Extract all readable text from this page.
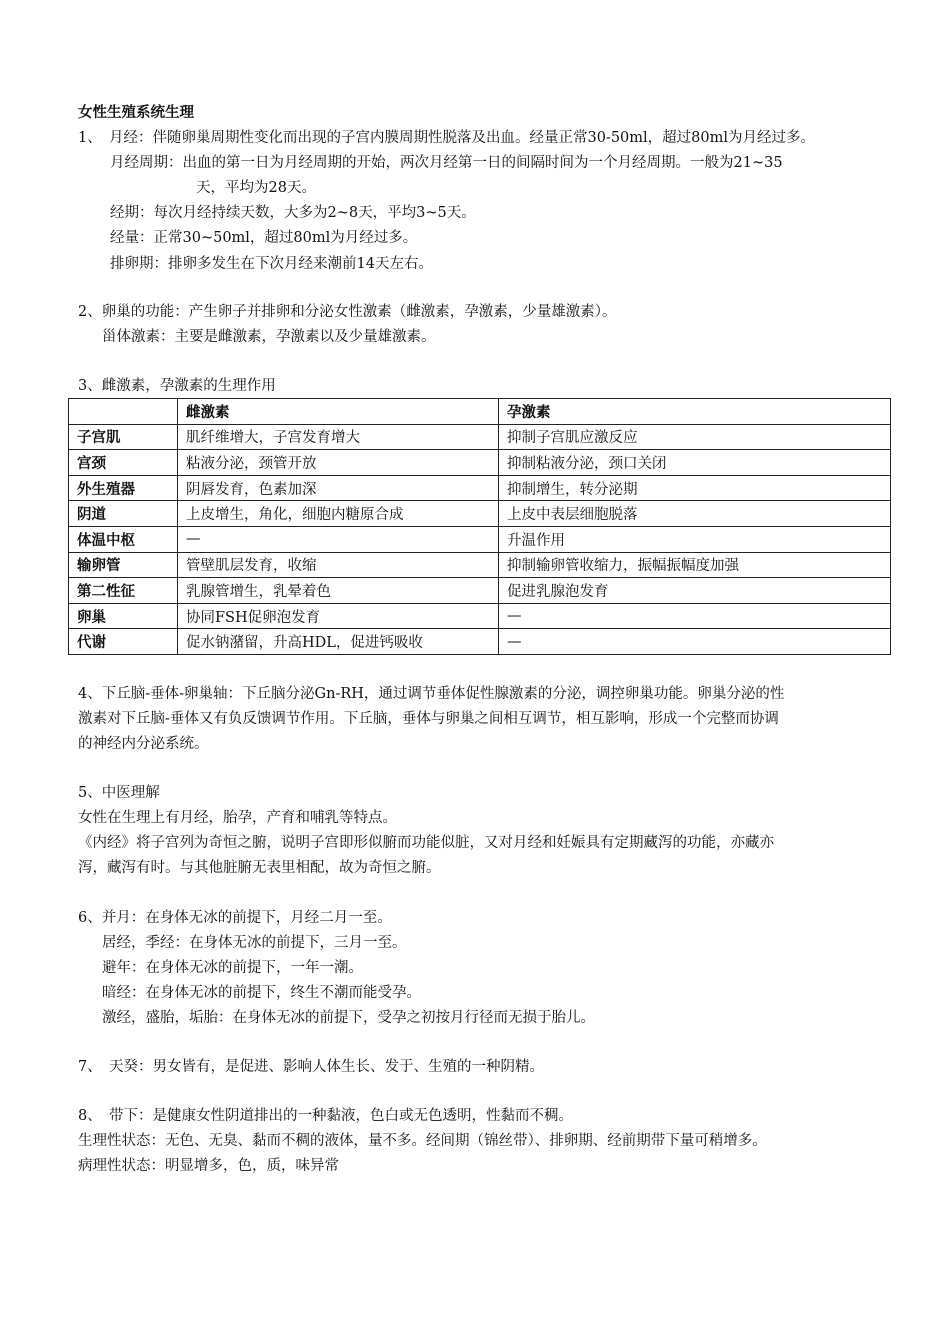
女性生殖系统生理
1、　月经：伴随卵巢周期性变化而出现的子宫内膜周期性脱落及出血。经量正常30-50ml，超过80ml为月经过多。
月经周期：出血的第一日为月经周期的开始，两次月经第一日的间隔时间为一个月经周期。一般为21~35
天，平均为28天。
经期：每次月经持续天数，大多为2~8天，平均3~5天。
经量：正常30~50ml，超过80ml为月经过多。
排卵期：排卵多发生在下次月经来潮前14天左右。
2、卵巢的功能：产生卵子并排卵和分泌女性激素（雌激素，孕激素，少量雄激素）。
甾体激素：主要是雌激素，孕激素以及少量雄激素。
3、雌激素，孕激素的生理作用
	雌激素	孕激素
子宫肌	肌纤维增大，子宫发育增大	抑制子宫肌应激反应
宫颈	粘液分泌，颈管开放	抑制粘液分泌，颈口关闭
外生殖器	阴唇发育，色素加深	抑制增生，转分泌期
阴道	上皮增生，角化，细胞内糖原合成	上皮中表层细胞脱落
体温中枢	—	升温作用
输卵管	管壁肌层发育，收缩	抑制输卵管收缩力，振幅振幅度加强
第二性征	乳腺管增生，乳晕着色	促进乳腺泡发育
卵巢	协同FSH促卵泡发育	—
代谢	促水钠潴留，升高HDL，促进钙吸收	—
4、下丘脑-垂体-卵巢轴：下丘脑分泌Gn-RH，通过调节垂体促性腺激素的分泌，调控卵巢功能。卵巢分泌的性
激素对下丘脑-垂体又有负反馈调节作用。下丘脑，垂体与卵巢之间相互调节，相互影响，形成一个完整而协调
的神经内分泌系统。
5、中医理解
女性在生理上有月经，胎孕，产育和哺乳等特点。
《内经》将子宫列为奇恒之腑，说明子宫即形似腑而功能似脏，又对月经和妊娠具有定期藏泻的功能，亦藏亦
泻，藏泻有时。与其他脏腑无表里相配，故为奇恒之腑。
6、并月：在身体无冰的前提下，月经二月一至。
居经，季经：在身体无冰的前提下，三月一至。
避年：在身体无冰的前提下，一年一潮。
暗经：在身体无冰的前提下，终生不潮而能受孕。
激经，盛胎，垢胎：在身体无冰的前提下，受孕之初按月行径而无损于胎儿。
7、　天癸：男女皆有，是促进、影响人体生长、发于、生殖的一种阴精。
8、　带下：是健康女性阴道排出的一种黏液，色白或无色透明，性黏而不稠。
生理性状态：无色、无臭、黏而不稠的液体，量不多。经间期（锦丝带）、排卵期、经前期带下量可稍增多。
病理性状态：明显增多，色，质，味异常
